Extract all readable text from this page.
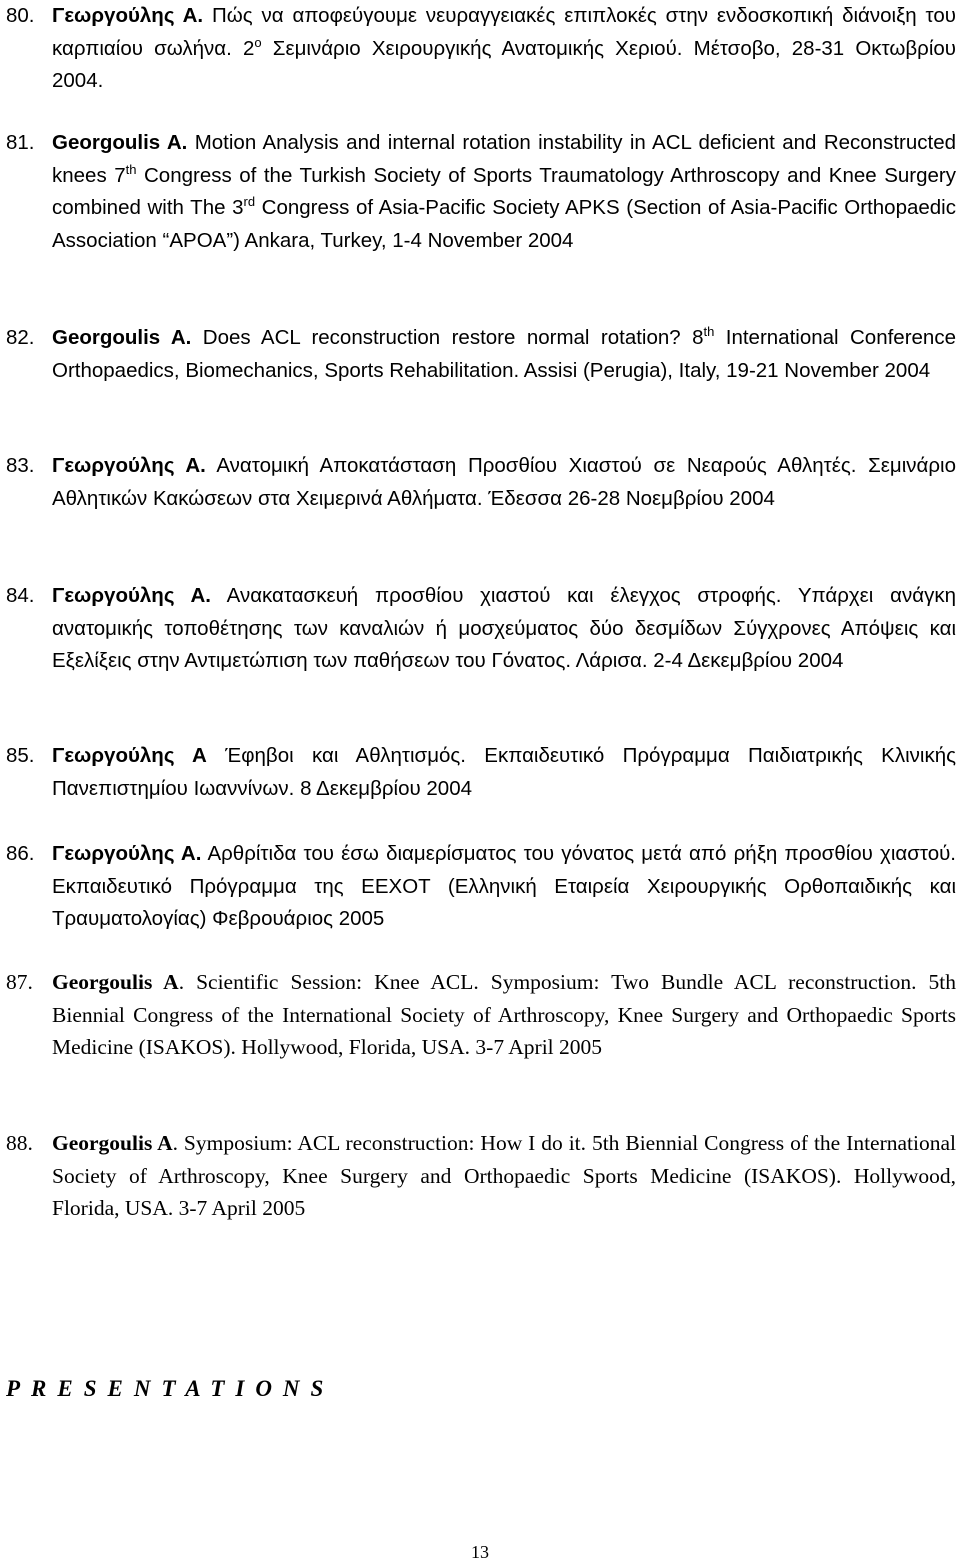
80. Γεωργούλης Α. Πώς να αποφεύγουμε νευραγγειακές επιπλοκές στην ενδοσκοπική διάνοιξη του καρπιαίου σωλήνα. $2^o$ Σεμινάριο Χειρουργικής Ανατομικής Χεριού. Μέτσοβο, 28-31 Οκτωβρίου 2004.
81. Georgoulis A. Motion Analysis and internal rotation instability in ACL deficient and Reconstructed knees 7th Congress of the Turkish Society of Sports Traumatology Arthroscopy and Knee Surgery combined with The 3rd Congress of Asia-Pacific Society APKS (Section of Asia-Pacific Orthopaedic Association “APOA”) Ankara, Turkey, 1-4 November 2004
82. Georgoulis A. Does ACL reconstruction restore normal rotation? 8th International Conference Orthopaedics, Biomechanics, Sports Rehabilitation. Assisi (Perugia), Italy, 19-21 November 2004
83. Γεωργούλης Α. Ανατομική Αποκατάσταση Προσθίου Χιαστού σε Νεαρούς Αθλητές. Σεμινάριο Αθλητικών Κακώσεων στα Χειμερινά Αθλήματα. Έδεσσα 26-28 Νοεμβρίου 2004
84. Γεωργούλης Α. Ανακατασκευή προσθίου χιαστού και έλεγχος στροφής. Υπάρχει ανάγκη ανατομικής τοποθέτησης των καναλιών ή μοσχεύματος δύο δεσμίδων Σύγχρονες Απόψεις και Εξελίξεις στην Αντιμετώπιση των παθήσεων του Γόνατος. Λάρισα. 2-4 Δεκεμβρίου 2004
85. Γεωργούλης Α Έφηβοι και Αθλητισμός. Εκπαιδευτικό Πρόγραμμα Παιδιατρικής Κλινικής Πανεπιστημίου Ιωαννίνων. 8 Δεκεμβρίου 2004
86. Γεωργούλης Α. Αρθρίτιδα του έσω διαμερίσματος του γόνατος μετά από ρήξη προσθίου χιαστού. Εκπαιδευτικό Πρόγραμμα της ΕΕΧΟΤ (Ελληνική Εταιρεία Χειρουργικής Ορθοπαιδικής και Τραυματολογίας) Φεβρουάριος 2005
87. Georgoulis A. Scientific Session: Knee ACL. Symposium: Two Bundle ACL reconstruction. 5th Biennial Congress of the International Society of Arthroscopy, Knee Surgery and Orthopaedic Sports Medicine (ISAKOS). Hollywood, Florida, USA. 3-7 April 2005
88. Georgoulis A. Symposium: ACL reconstruction: How I do it. 5th Biennial Congress of the International Society of Arthroscopy, Knee Surgery and Orthopaedic Sports Medicine (ISAKOS). Hollywood, Florida, USA. 3-7 April 2005
PRESENTATIONS
13
